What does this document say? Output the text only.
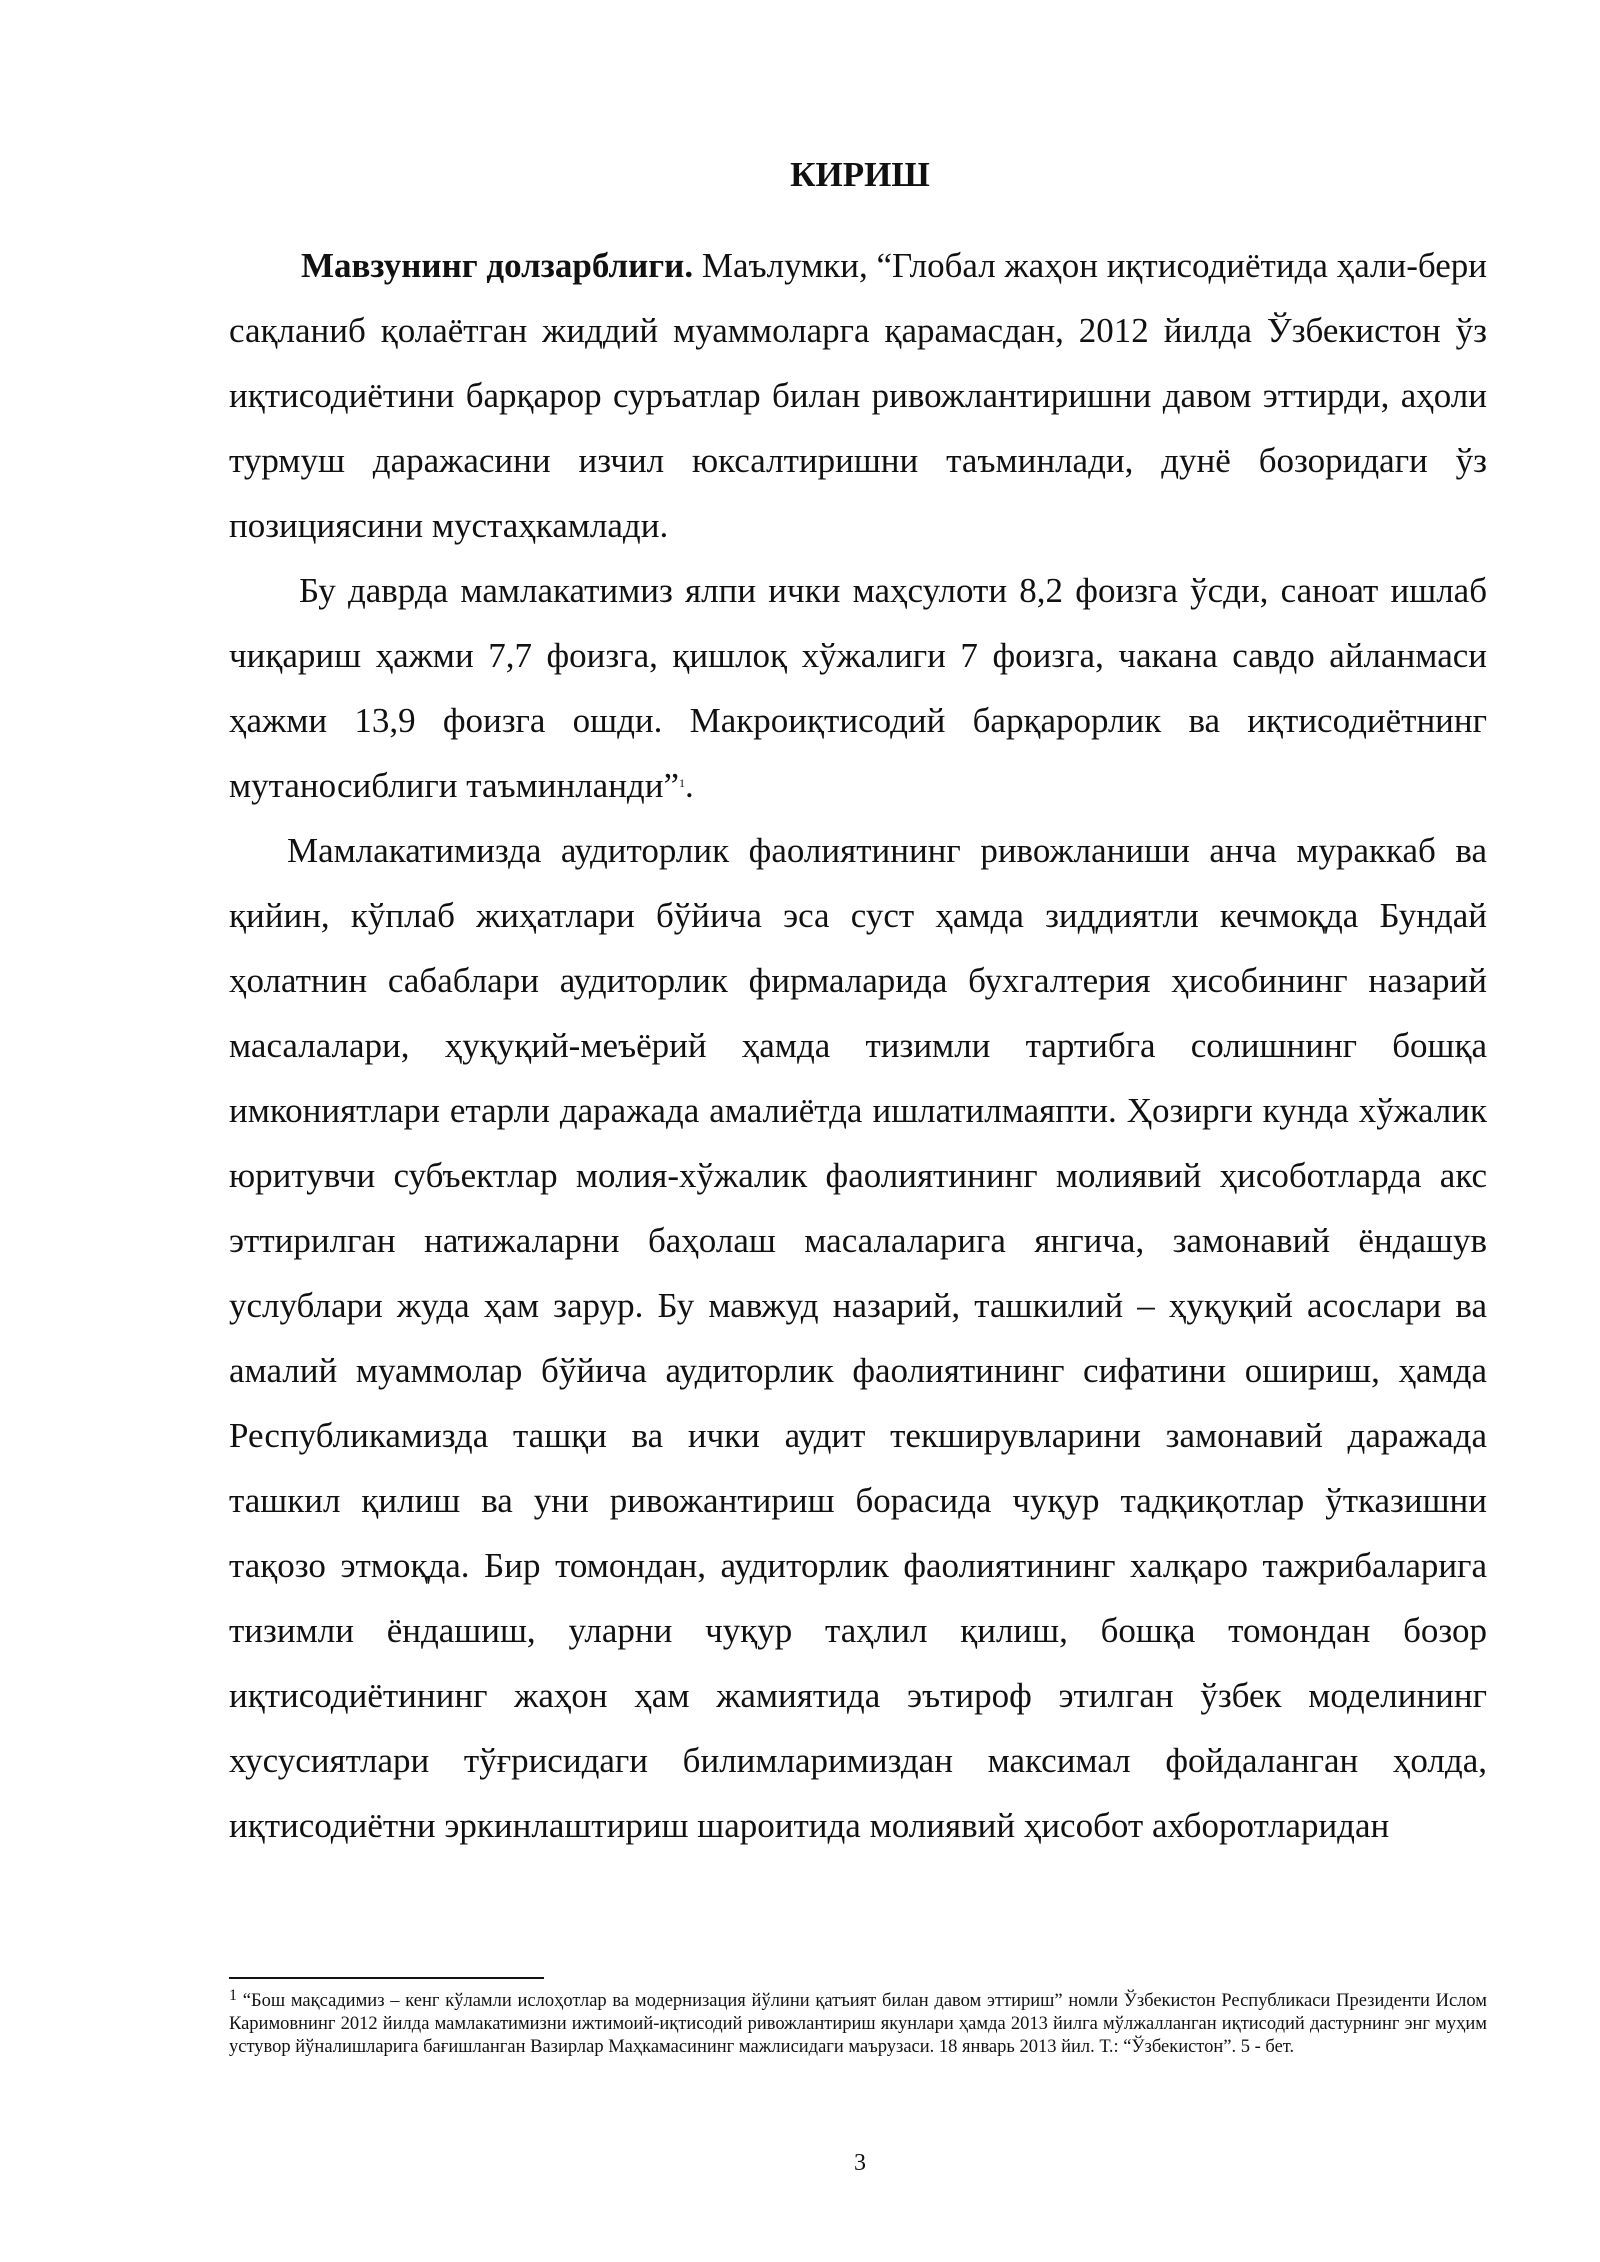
КИРИШ

Мавзунинг долзарблиги. Маълумки, “Глобал жаҳон иқтисодиётида ҳали-бери сақланиб қолаётган жиддий муаммоларга қарамасдан, 2012 йилда Ўзбекистон ўз иқтисодиётини барқарор суръатлар билан ривожлантиришни давом эттирди, аҳоли турмуш даражасини изчил юксалтиришни таъминлади, дунё бозоридаги ўз позициясини мустаҳкамлади.

Бу даврда мамлакатимиз ялпи ички маҳсулоти 8,2 фоизга ўсди, саноат ишлаб чиқариш ҳажми 7,7 фоизга, қишлоқ хўжалиги 7 фоизга, чакана савдо айланмаси ҳажми 13,9 фоизга ошди. Макроиқтисодий барқарорлик ва иқтисодиётнинг мутаносиблиги таъминланди”$^1$.

Мамлакатимизда аудиторлик фаолиятининг ривожланиши анча мураккаб ва қийин, кўплаб жиҳатлари бўйича эса суст ҳамда зиддиятли кечмоқда Бундай ҳолатнин сабаблари аудиторлик фирмаларида бухгалтерия ҳисобининг назарий масалалари, ҳуқуқий-меъёрий ҳамда тизимли тартибга солишнинг бошқа имкониятлари етарли даражада амалиётда ишлатилмаяпти. Ҳозирги кунда хўжалик юритувчи субъектлар молия-хўжалик фаолиятининг молиявий ҳисоботларда акс эттирилган натижаларни баҳолаш масалаларига янгича, замонавий ёндашув услублари жуда ҳам зарур. Бу мавжуд назарий, ташкилий – ҳуқуқий асослари ва амалий муаммолар бўйича аудиторлик фаолиятининг сифатини ошириш, ҳамда Республикамизда ташқи ва ички аудит текширувларини замонавий даражада ташкил қилиш ва уни ривожантириш борасида чуқур тадқиқотлар ўтказишни тақозо этмоқда. Бир томондан, аудиторлик фаолиятининг халқаро тажрибаларига тизимли ёндашиш, уларни чуқур таҳлил қилиш, бошқа томондан бозор иқтисодиётининг жаҳон ҳам жамиятида эътироф этилган ўзбек моделининг хусусиятлари тўғрисидаги билимларимиздан максимал фойдаланган ҳолда, иқтисодиётни эркинлаштириш шароитида молиявий ҳисобот ахборотларидан

$^1$ “Бош мақсадимиз – кенг кўламли ислоҳотлар ва модернизация йўлини қатъият билан давом эттириш” номли Ўзбекистон Республикаси Президенти Ислом Каримовнинг 2012 йилда мамлакатимизни ижтимоий-иқтисодий ривожлантириш якунлари ҳамда 2013 йилга мўлжалланган иқтисодий дастурнинг энг муҳим устувор йўналишларига бағишланган Вазирлар Маҳкамасининг мажлисидаги маърузаси. 18 январь 2013 йил. Т.: “Ўзбекистон”. 5 - бет.
3
